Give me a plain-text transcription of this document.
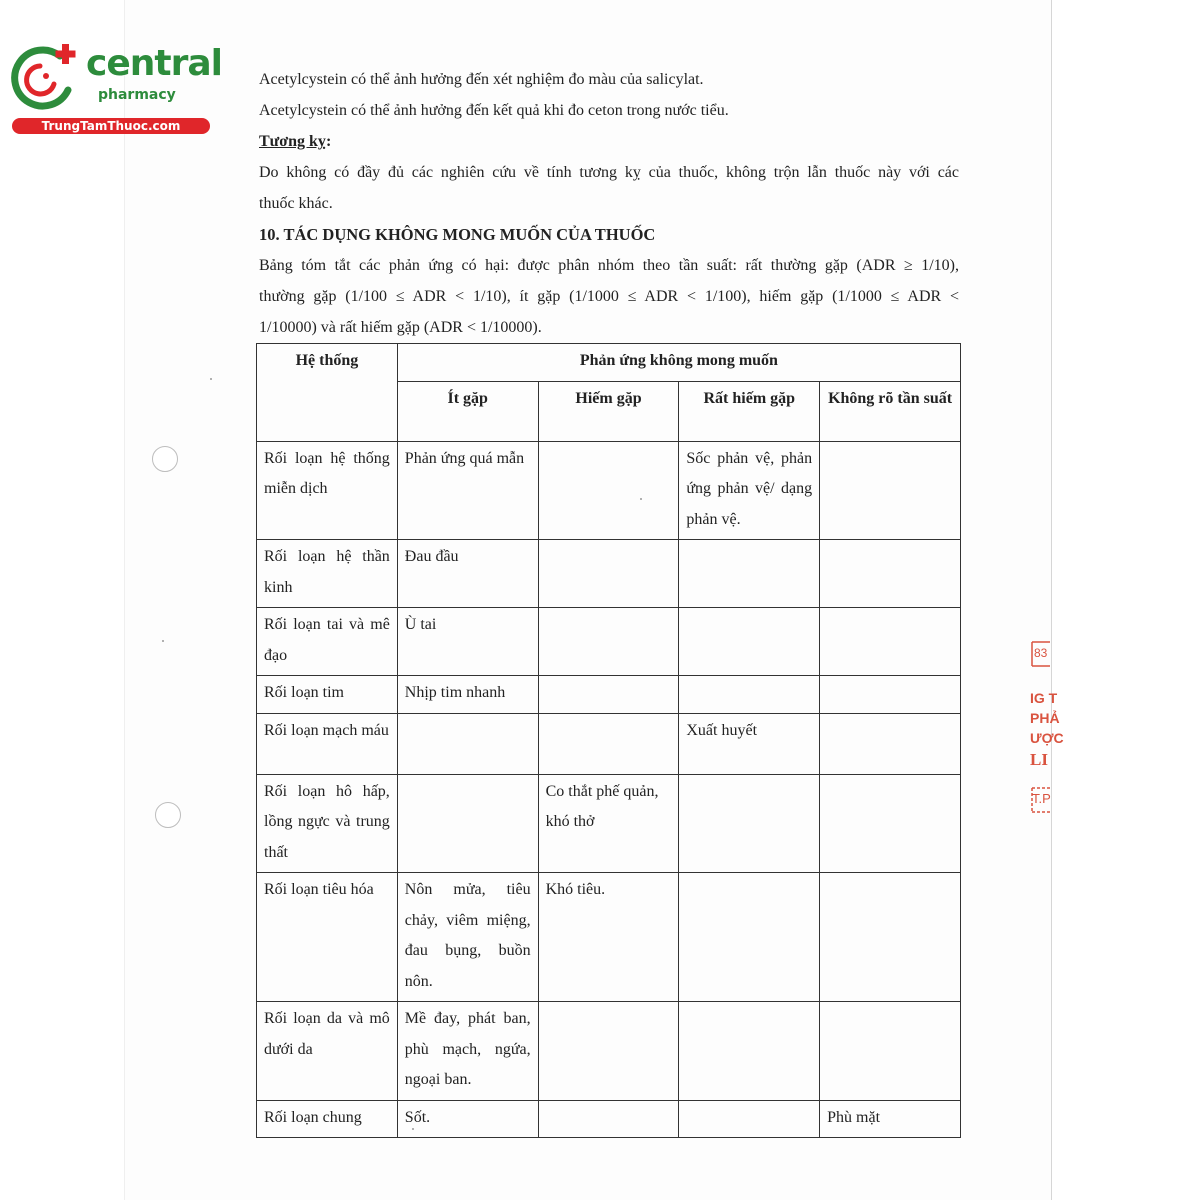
central
pharmacy
TrungTamThuoc.com
Acetylcystein có thể ảnh hưởng đến xét nghiệm đo màu của salicylat.
Acetylcystein có thể ảnh hưởng đến kết quả khi đo ceton trong nước tiểu.
Tương kỵ:
Do không có đầy đủ các nghiên cứu về tính tương kỵ của thuốc, không trộn lẫn thuốc này với các
thuốc khác.
10. TÁC DỤNG KHÔNG MONG MUỐN CỦA THUỐC
Bảng tóm tắt các phản ứng có hại: được phân nhóm theo tần suất: rất thường gặp (ADR ≥ 1/10),
thường gặp (1/100 ≤ ADR < 1/10), ít gặp (1/1000 ≤ ADR < 1/100), hiếm gặp (1/1000 ≤ ADR <
1/10000) và rất hiếm gặp (ADR < 1/10000).
Hệ thống	Phản ứng không mong muốn			
	Ít gặp	Hiếm gặp	Rất hiếm gặp	Không rõ tần suất
Rối loạn hệ thống miễn dịch	Phản ứng quá mẫn		Sốc phản vệ, phản ứng phản vệ/ dạng phản vệ.	
Rối loạn hệ thần kinh	Đau đầu			
Rối loạn tai và mê đạo	Ù tai			
Rối loạn tim	Nhịp tim nhanh			
Rối loạn mạch máu			Xuất huyết	
Rối loạn hô hấp, lồng ngực và trung thất		Co thắt phế quản, khó thở		
Rối loạn tiêu hóa	Nôn mửa, tiêu chảy, viêm miệng, đau bụng, buồn nôn.	Khó tiêu.		
Rối loạn da và mô dưới da	Mề đay, phát ban, phù mạch, ngứa, ngoại ban.			
Rối loạn chung	Sốt.			Phù mặt
83
IG T
PHẢ
ƯỢC
LI
T.P
